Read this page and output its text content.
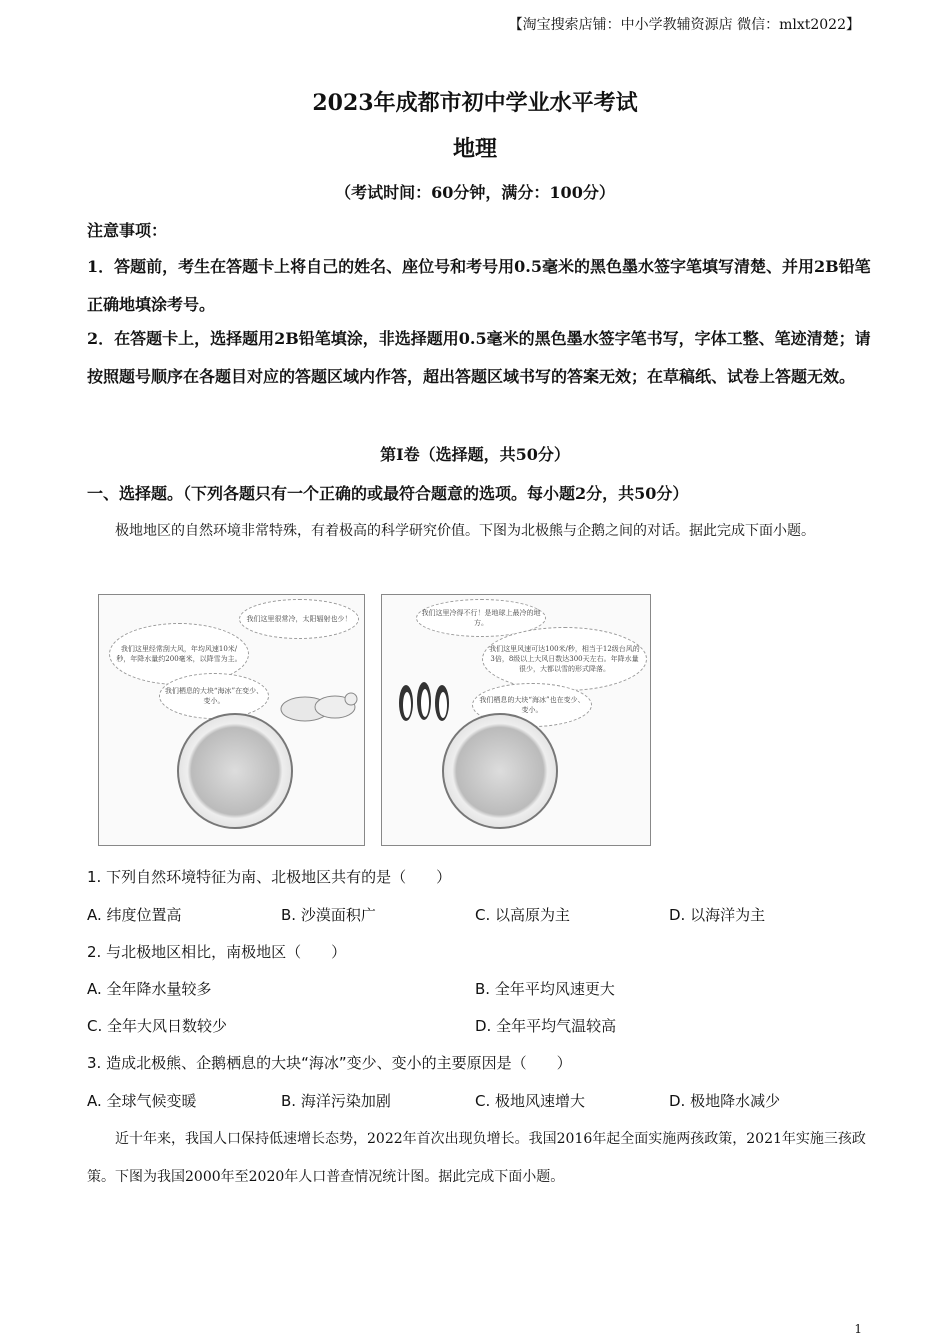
【淘宝搜索店铺：中小学教辅资源店 微信：mlxt2022】
2023年成都市初中学业水平考试
地理
（考试时间：60分钟，满分：100分）
注意事项：
1．答题前，考生在答题卡上将自己的姓名、座位号和考号用0.5毫米的黑色墨水签字笔填写清楚、并用2B铅笔正确地填涂考号。
2．在答题卡上，选择题用2B铅笔填涂，非选择题用0.5毫米的黑色墨水签字笔书写，字体工整、笔迹清楚；请按照题号顺序在各题目对应的答题区域内作答，超出答题区域书写的答案无效；在草稿纸、试卷上答题无效。
第Ⅰ卷（选择题，共50分）
一、选择题。（下列各题只有一个正确的或最符合题意的选项。每小题2分，共50分）
极地地区的自然环境非常特殊，有着极高的科学研究价值。下图为北极熊与企鹅之间的对话。据此完成下面小题。
我们这里很常冷，太阳辐射也少！
我们这里经常刮大风，年均风速10米/秒，年降水量约200毫米，以降雪为主。
我们栖息的大块“海冰”在变少、变小。
我们这里冷得不行！是地球上最冷的地方。
我们这里风速可达100米/秒，相当于12级台风的3倍，8级以上大风日数达300天左右。年降水量很少，大都以雪的形式降落。
我们栖息的大块“海冰”也在变少、变小。
1. 下列自然环境特征为南、北极地区共有的是（　　）
A. 纬度位置高	B. 沙漠面积广	C. 以高原为主	D. 以海洋为主
2. 与北极地区相比，南极地区（　　）
A. 全年降水量较多	B. 全年平均风速更大
C. 全年大风日数较少	D. 全年平均气温较高
3. 造成北极熊、企鹅栖息的大块“海冰”变少、变小的主要原因是（　　）
A. 全球气候变暖	B. 海洋污染加剧	C. 极地风速增大	D. 极地降水减少
近十年来，我国人口保持低速增长态势，2022年首次出现负增长。我国2016年起全面实施两孩政策，2021年实施三孩政策。下图为我国2000年至2020年人口普查情况统计图。据此完成下面小题。
1
